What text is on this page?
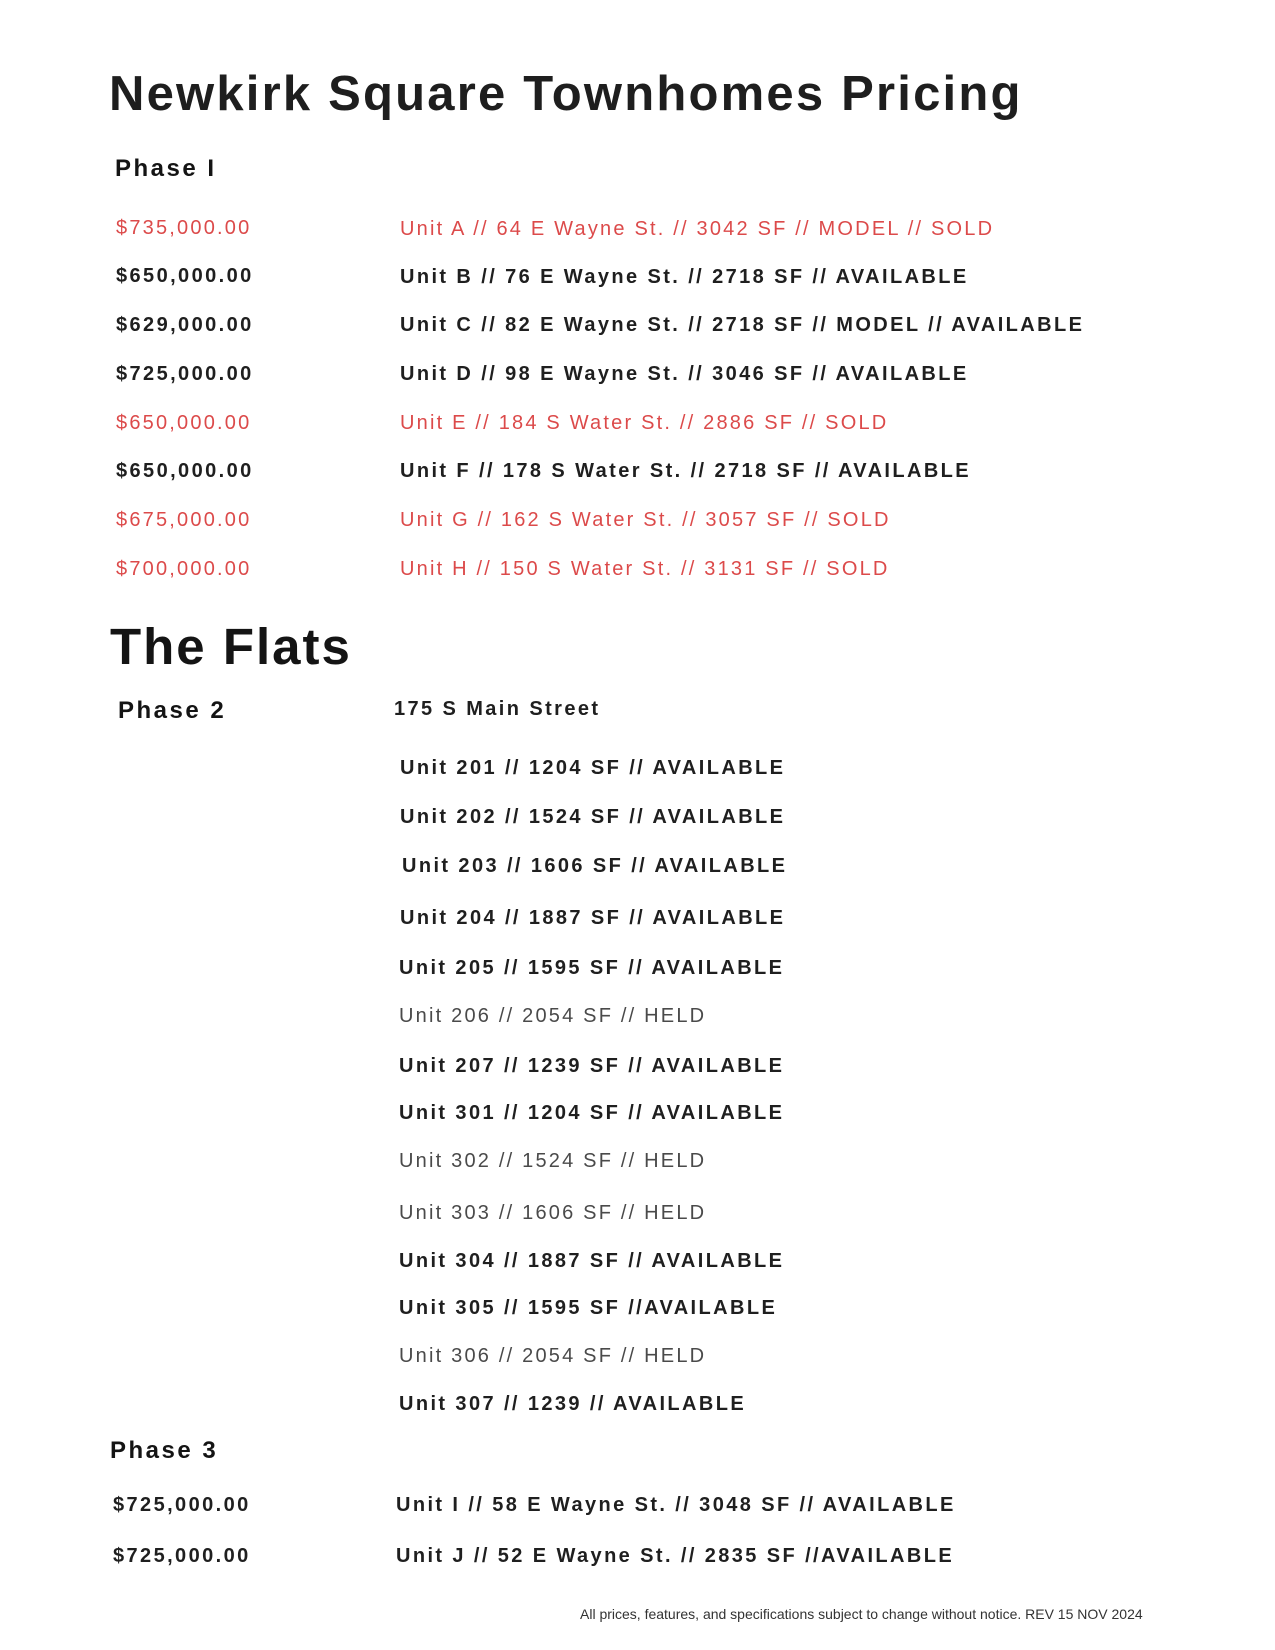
Newkirk Square Townhomes Pricing
Phase I
$735,000.00	Unit A // 64 E Wayne St. // 3042 SF // MODEL // SOLD
$650,000.00	Unit B // 76 E Wayne St. // 2718 SF // AVAILABLE
$629,000.00	Unit C // 82 E Wayne St. // 2718 SF // MODEL // AVAILABLE
$725,000.00	Unit D // 98 E Wayne St. // 3046 SF // AVAILABLE
$650,000.00	Unit E // 184 S Water St. // 2886 SF // SOLD
$650,000.00	Unit F // 178 S Water St. // 2718 SF // AVAILABLE
$675,000.00	Unit G // 162 S Water St. // 3057 SF // SOLD
$700,000.00	Unit H // 150 S Water St. // 3131 SF // SOLD
The Flats
Phase 2	175 S Main Street
Unit 201 // 1204 SF // AVAILABLE
Unit 202 // 1524 SF // AVAILABLE
Unit 203 // 1606 SF // AVAILABLE
Unit 204 // 1887 SF // AVAILABLE
Unit 205 // 1595 SF // AVAILABLE
Unit 206 // 2054 SF // HELD
Unit 207 // 1239 SF // AVAILABLE
Unit 301 // 1204 SF // AVAILABLE
Unit 302 // 1524 SF // HELD
Unit 303 // 1606 SF // HELD
Unit 304 // 1887 SF // AVAILABLE
Unit 305 // 1595 SF //AVAILABLE
Unit 306 // 2054 SF // HELD
Unit 307 // 1239 // AVAILABLE
Phase 3
$725,000.00	Unit I // 58 E Wayne St. // 3048 SF // AVAILABLE
$725,000.00	Unit J // 52 E Wayne St. // 2835 SF //AVAILABLE
All prices, features, and specifications subject to change without notice. REV 15 NOV 2024
